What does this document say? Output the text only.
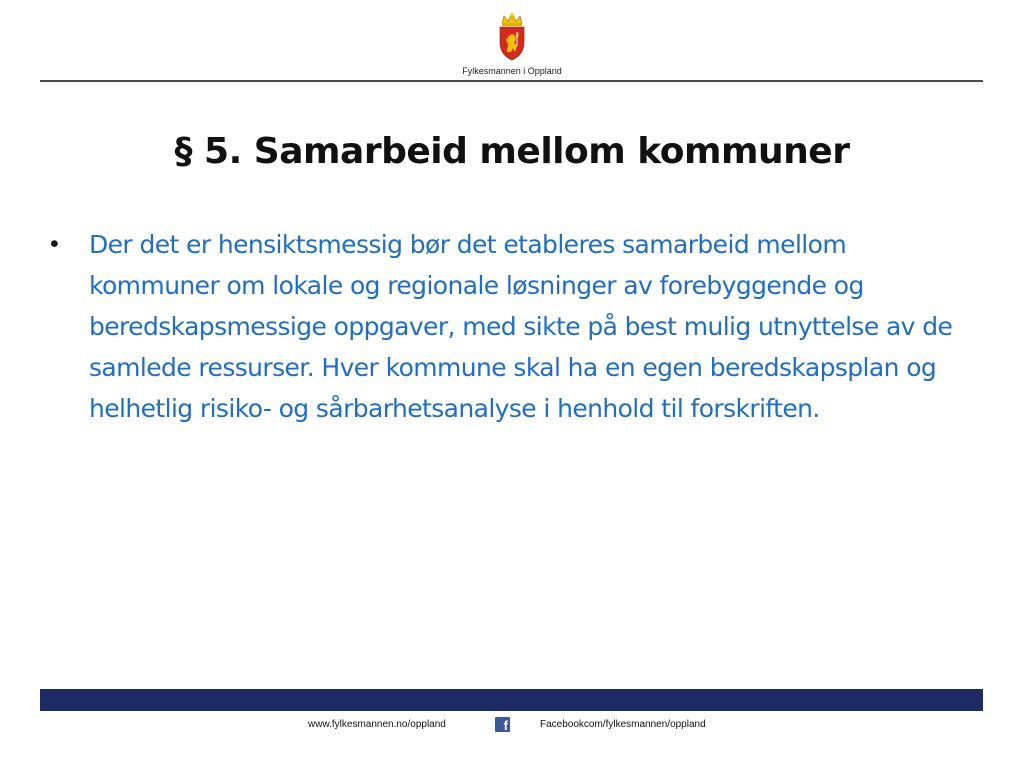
Fylkesmannen i Oppland
§ 5. Samarbeid mellom kommuner
•	Der det er hensiktsmessig bør det etableres samarbeid mellom kommuner om lokale og regionale løsninger av forebyggende og beredskapsmessige oppgaver, med sikte på best mulig utnyttelse av de samlede ressurser. Hver kommune skal ha en egen beredskapsplan og helhetlig risiko- og sårbarhetsanalyse i henhold til forskriften.
www.fylkesmannen.no/oppland	f	Facebookcom/fylkesmannen/oppland
